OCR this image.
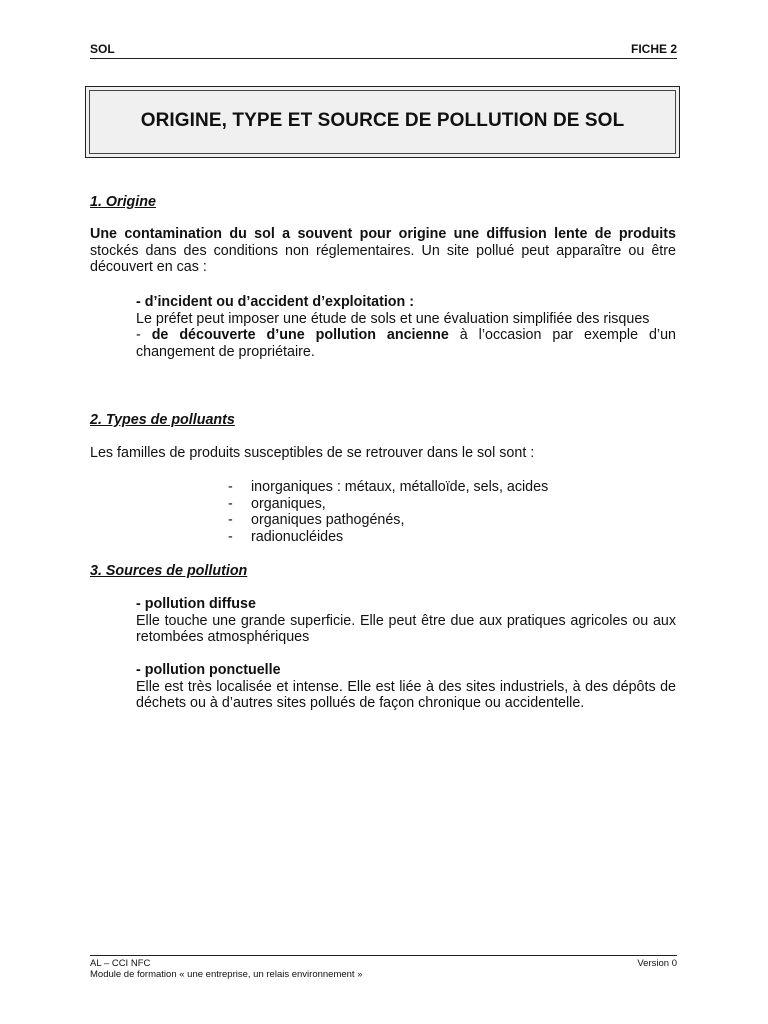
SOL	FICHE 2
ORIGINE, TYPE ET SOURCE DE POLLUTION DE SOL
1. Origine
Une contamination du sol a souvent pour origine une diffusion lente de produits stockés dans des conditions non réglementaires. Un site pollué peut apparaître ou être découvert en cas :
- d’incident ou d’accident d’exploitation :
Le préfet peut imposer une étude de sols et une évaluation simplifiée des risques
- de découverte d’une pollution ancienne à l’occasion par exemple d’un changement de propriétaire.
2. Types de polluants
Les familles de produits susceptibles de se retrouver dans le sol sont :
- inorganiques : métaux, métalloïde, sels, acides
- organiques,
- organiques pathogénés,
- radionucléides
3. Sources de pollution
- pollution diffuse
Elle touche une grande superficie. Elle peut être due aux pratiques agricoles ou aux retombées atmosphériques
- pollution ponctuelle
Elle est très localisée et intense. Elle est liée à des sites industriels, à des dépôts de déchets ou à d’autres sites pollués de façon chronique ou accidentelle.
AL – CCI NFC
Module de formation « une entreprise, un relais environnement »
Version 0
